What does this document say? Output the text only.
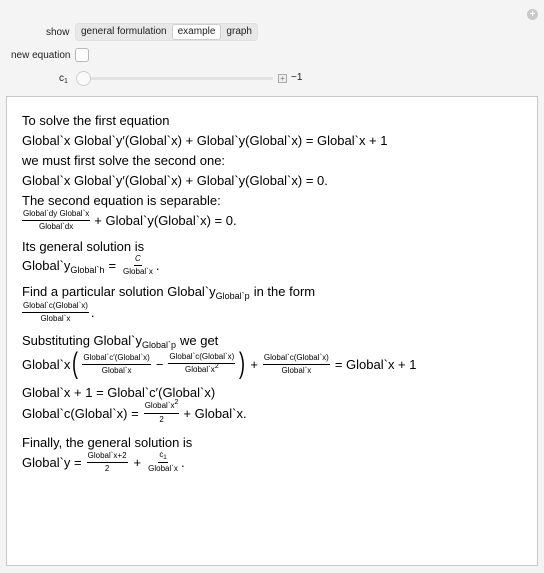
+
show	general formulation	example	graph
new equation
$c_1$	+ −1
To solve the first equation
Global`x Global`y′(Global`x) + Global`y(Global`x) = Global`x + 1
we must first solve the second one:
Global`x Global`y′(Global`x) + Global`y(Global`x) = 0.
The second equation is separable:
$\frac{\text{Global`dy Global`x}}{\text{Global`dx}}$ + Global`y(Global`x) = 0.
Its general solution is
Global`y Global`h = $\frac{C}{\text{Global`x}}$ .
Find a particular solution Global`y Global`p in the form
$\frac{\text{Global`c(Global`x)}}{\text{Global`x}}$ .
Substituting Global`y Global`p we get
Global`x ( $\frac{\text{Global`c′(Global`x)}}{\text{Global`x}} - \frac{\text{Global`c(Global`x)}}{\text{Global`x2}}$ ) + $\frac{\text{Global`c(Global`x)}}{\text{Global`x}}$ = Global`x + 1
Global`x + 1 = Global`c′(Global`x)
Global`c(Global`x) = $\frac{\text{Global`x2}}{2}$ + Global`x.
Finally, the general solution is
Global`y = $\frac{\text{Global`x+2}}{2} + \frac{c_1}{\text{Global`x}}$ .
